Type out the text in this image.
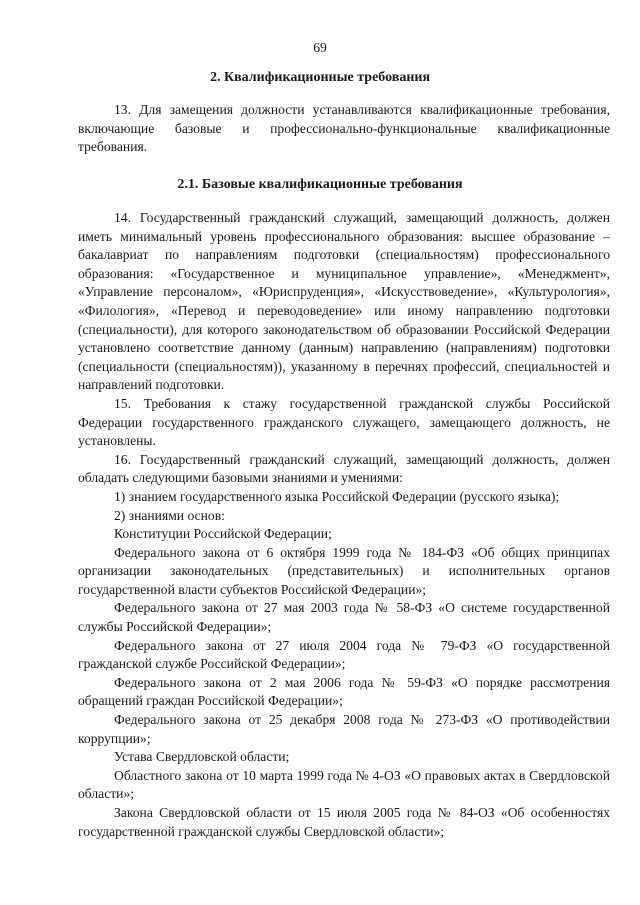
69
2. Квалификационные требования

13. Для замещения должности устанавливаются квалификационные требования, включающие базовые и профессионально-функциональные квалификационные требования.

2.1. Базовые квалификационные требования

14. Государственный гражданский служащий, замещающий должность, должен иметь минимальный уровень профессионального образования: высшее образование – бакалавриат по направлениям подготовки (специальностям) профессионального образования: «Государственное и муниципальное управление», «Менеджмент», «Управление персоналом», «Юриспруденция», «Искусствоведение», «Культурология», «Филология», «Перевод и переводоведение» или иному направлению подготовки (специальности), для которого законодательством об образовании Российской Федерации установлено соответствие данному (данным) направлению (направлениям) подготовки (специальности (специальностям)), указанному в перечнях профессий, специальностей и направлений подготовки.

15. Требования к стажу государственной гражданской службы Российской Федерации государственного гражданского служащего, замещающего должность, не установлены.

16. Государственный гражданский служащий, замещающий должность, должен обладать следующими базовыми знаниями и умениями:

1) знанием государственного языка Российской Федерации (русского языка);

2) знаниями основ:

Конституции Российской Федерации;

Федерального закона от 6 октября 1999 года № 184-ФЗ «Об общих принципах организации законодательных (представительных) и исполнительных органов государственной власти субъектов Российской Федерации»;

Федерального закона от 27 мая 2003 года № 58-ФЗ «О системе государственной службы Российской Федерации»;

Федерального закона от 27 июля 2004 года № 79-ФЗ «О государственной гражданской службе Российской Федерации»;

Федерального закона от 2 мая 2006 года № 59-ФЗ «О порядке рассмотрения обращений граждан Российской Федерации»;

Федерального закона от 25 декабря 2008 года № 273-ФЗ «О противодействии коррупции»;

Устава Свердловской области;

Областного закона от 10 марта 1999 года № 4-ОЗ «О правовых актах в Свердловской области»;

Закона Свердловской области от 15 июля 2005 года № 84-ОЗ «Об особенностях государственной гражданской службы Свердловской области»;
